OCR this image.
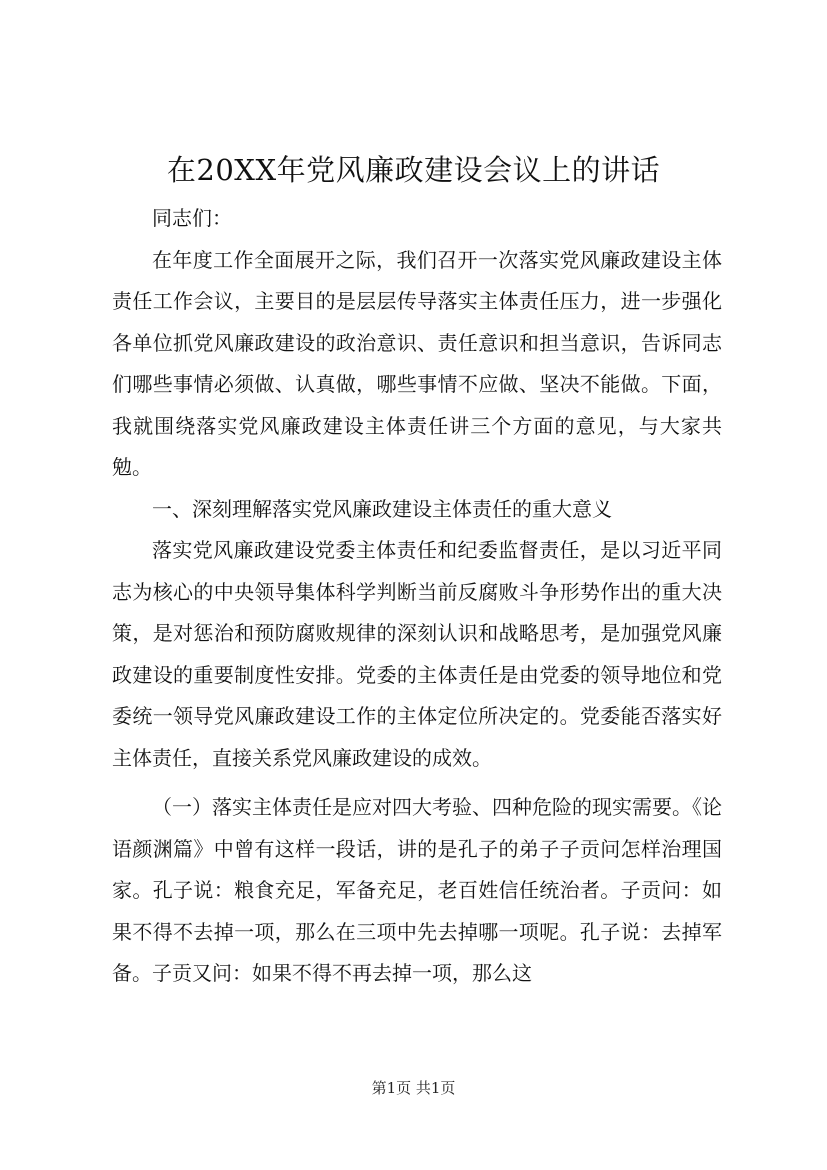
在20XX年党风廉政建设会议上的讲话

同志们：

在年度工作全面展开之际，我们召开一次落实党风廉政建设主体责任工作会议，主要目的是层层传导落实主体责任压力，进一步强化各单位抓党风廉政建设的政治意识、责任意识和担当意识，告诉同志们哪些事情必须做、认真做，哪些事情不应做、坚决不能做。下面，我就围绕落实党风廉政建设主体责任讲三个方面的意见，与大家共勉。

一、深刻理解落实党风廉政建设主体责任的重大意义

落实党风廉政建设党委主体责任和纪委监督责任，是以习近平同志为核心的中央领导集体科学判断当前反腐败斗争形势作出的重大决策，是对惩治和预防腐败规律的深刻认识和战略思考，是加强党风廉政建设的重要制度性安排。党委的主体责任是由党委的领导地位和党委统一领导党风廉政建设工作的主体定位所决定的。党委能否落实好主体责任，直接关系党风廉政建设的成效。

（一）落实主体责任是应对四大考验、四种危险的现实需要。《论语颜渊篇》中曾有这样一段话，讲的是孔子的弟子子贡问怎样治理国家。孔子说：粮食充足，军备充足，老百姓信任统治者。子贡问：如果不得不去掉一项，那么在三项中先去掉哪一项呢。孔子说：去掉军备。子贡又问：如果不得不再去掉一项，那么这

第1页 共1页
